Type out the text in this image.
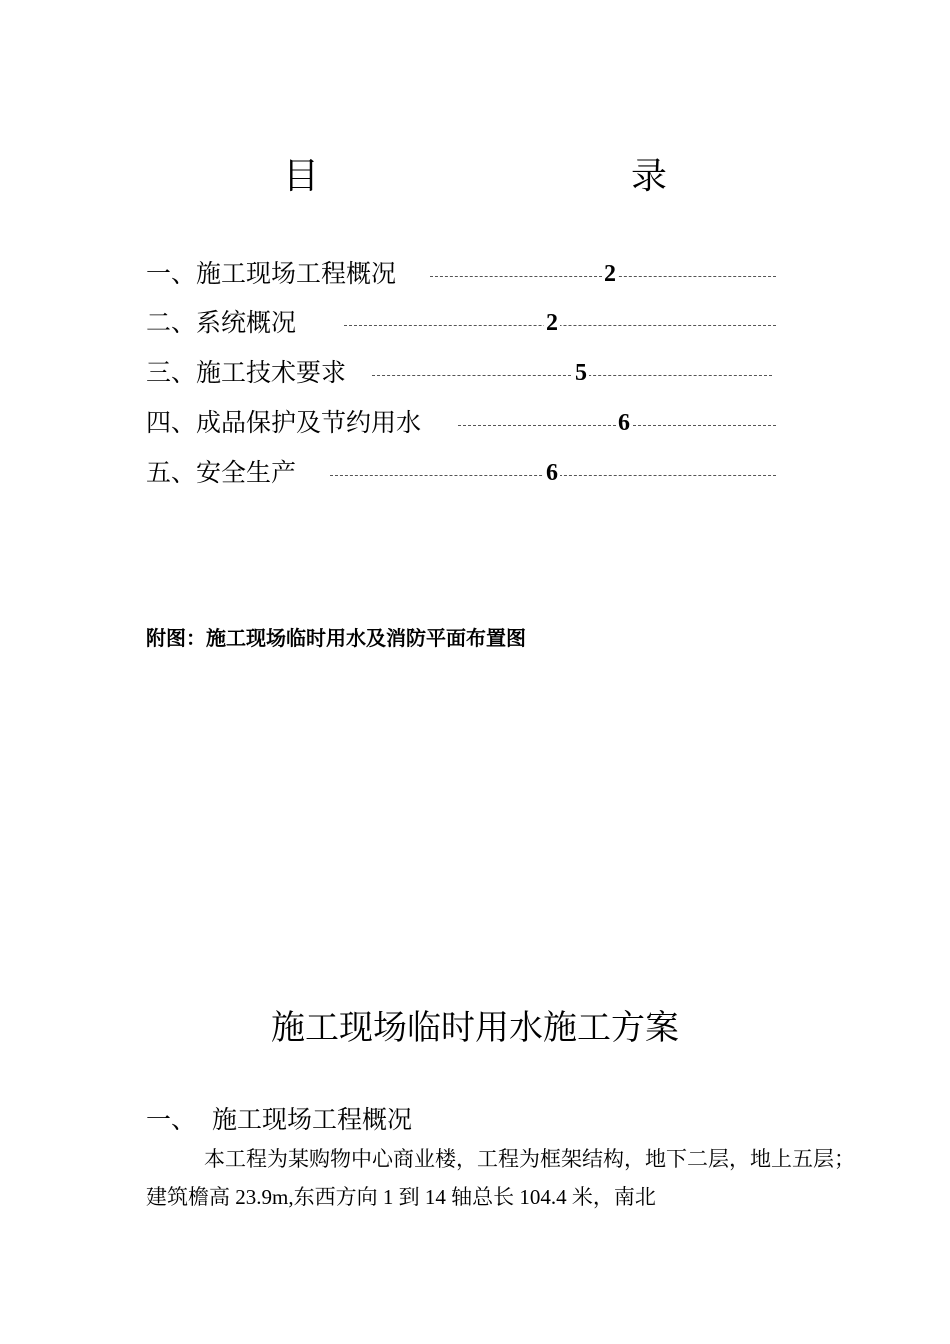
目　　录
一、施工现场工程概况	2
二、系统概况	2
三、施工技术要求	5
四、成品保护及节约用水	6
五、安全生产	6
附图：施工现场临时用水及消防平面布置图
施工现场临时用水施工方案
一、 施工现场工程概况
本工程为某购物中心商业楼，工程为框架结构，地下二层，地上五层；建筑檐高 23.9m,东西方向 1 到 14 轴总长 104.4 米，南北
